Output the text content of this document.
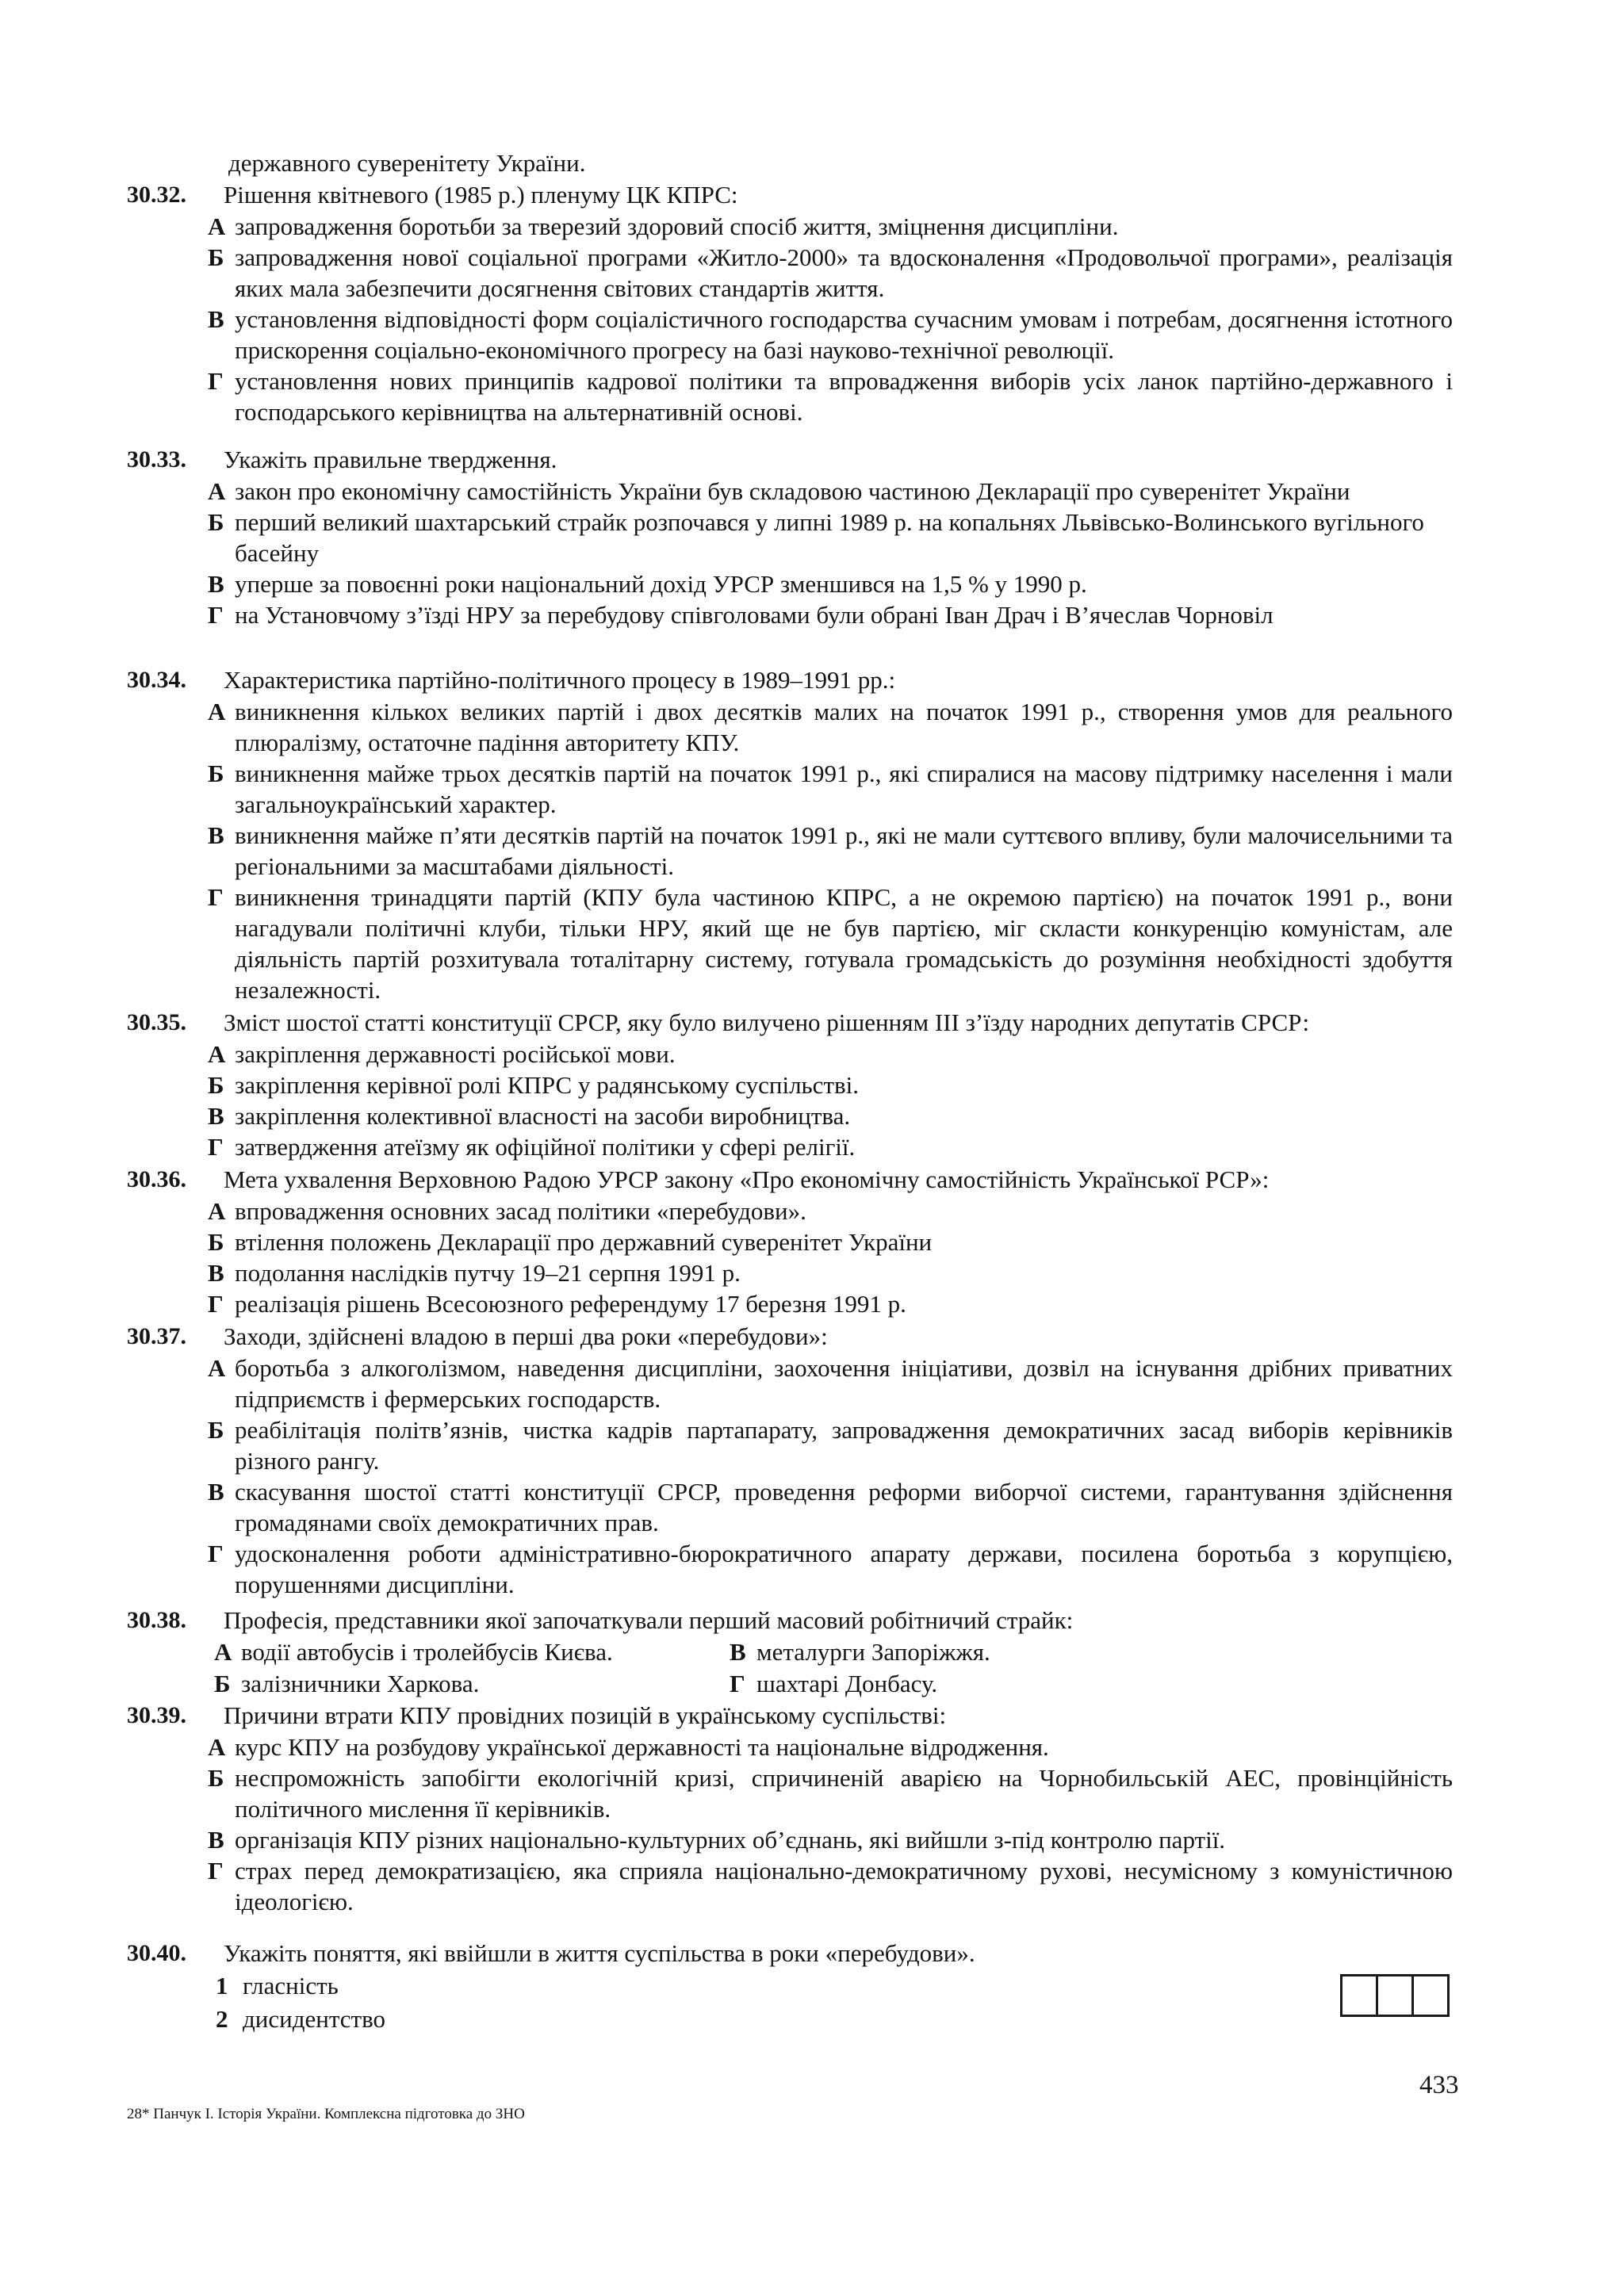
державного суверенітету України.
30.32. Рішення квітневого (1985 р.) пленуму ЦК КПРС:
А запровадження боротьби за тверезий здоровий спосіб життя, зміцнення дисципліни.
Б запровадження нової соціальної програми «Житло-2000» та вдосконалення «Продовольчої програми», реалізація яких мала забезпечити досягнення світових стандартів життя.
В установлення відповідності форм соціалістичного господарства сучасним умовам і потребам, досягнення істотного прискорення соціально-економічного прогресу на базі науково-технічної революції.
Г установлення нових принципів кадрової політики та впровадження виборів усіх ланок партійно-державного і господарського керівництва на альтернативній основі.
30.33. Укажіть правильне твердження.
А закон про економічну самостійність України був складовою частиною Декларації про суверенітет України
Б перший великий шахтарський страйк розпочався у липні 1989 р. на копальнях Львівсько-Волинського вугільного басейну
В уперше за повоєнні роки національний дохід УРСР зменшився на 1,5 % у 1990 р.
Г на Установчому з’їзді НРУ за перебудову співголовами були обрані Іван Драч і В’ячеслав Чорновіл
30.34. Характеристика партійно-політичного процесу в 1989–1991 рр.:
А виникнення кількох великих партій і двох десятків малих на початок 1991 р., створення умов для реального плюралізму, остаточне падіння авторитету КПУ.
Б виникнення майже трьох десятків партій на початок 1991 р., які спиралися на масову підтримку населення і мали загальноукраїнський характер.
В виникнення майже п’яти десятків партій на початок 1991 р., які не мали суттєвого впливу, були малочисельними та регіональними за масштабами діяльності.
Г виникнення тринадцяти партій (КПУ була частиною КПРС, а не окремою партією) на початок 1991 р., вони нагадували політичні клуби, тільки НРУ, який ще не був партією, міг скласти конкуренцію комуністам, але діяльність партій розхитувала тоталітарну систему, готувала громадськість до розуміння необхідності здобуття незалежності.
30.35. Зміст шостої статті конституції СРСР, яку було вилучено рішенням III з’їзду народних депутатів СРСР:
А закріплення державності російської мови.
Б закріплення керівної ролі КПРС у радянському суспільстві.
В закріплення колективної власності на засоби виробництва.
Г затвердження атеїзму як офіційної політики у сфері релігії.
30.36. Мета ухвалення Верховною Радою УРСР закону «Про економічну самостійність Української РСР»:
А впровадження основних засад політики «перебудови».
Б втілення положень Декларації про державний суверенітет України
В подолання наслідків путчу 19–21 серпня 1991 р.
Г реалізація рішень Всесоюзного референдуму 17 березня 1991 р.
30.37. Заходи, здійснені владою в перші два роки «перебудови»:
А боротьба з алкоголізмом, наведення дисципліни, заохочення ініціативи, дозвіл на існування дрібних приватних підприємств і фермерських господарств.
Б реабілітація політв’язнів, чистка кадрів партапарату, запровадження демократичних засад виборів керівників різного рангу.
В скасування шостої статті конституції СРСР, проведення реформи виборчої системи, гарантування здійснення громадянами своїх демократичних прав.
Г удосконалення роботи адміністративно-бюрократичного апарату держави, посилена боротьба з корупцією, порушеннями дисципліни.
30.38. Професія, представники якої започаткували перший масовий робітничий страйк:
А водії автобусів і тролейбусів Києва.	В металурги Запоріжжя.
Б залізничники Харкова.	Г шахтарі Донбасу.
30.39. Причини втрати КПУ провідних позицій в українському суспільстві:
А курс КПУ на розбудову української державності та національне відродження.
Б неспроможність запобігти екологічній кризі, спричиненій аварією на Чорнобильській АЕС, провінційність політичного мислення її керівників.
В організація КПУ різних національно-культурних об’єднань, які вийшли з-під контролю партії.
Г страх перед демократизацією, яка сприяла національно-демократичному рухові, несумісному з комуністичною ідеологією.
30.40. Укажіть поняття, які ввійшли в життя суспільства в роки «перебудови».
1 гласність
2 дисидентство
433
28* Панчук І. Історія України. Комплексна підготовка до ЗНО
